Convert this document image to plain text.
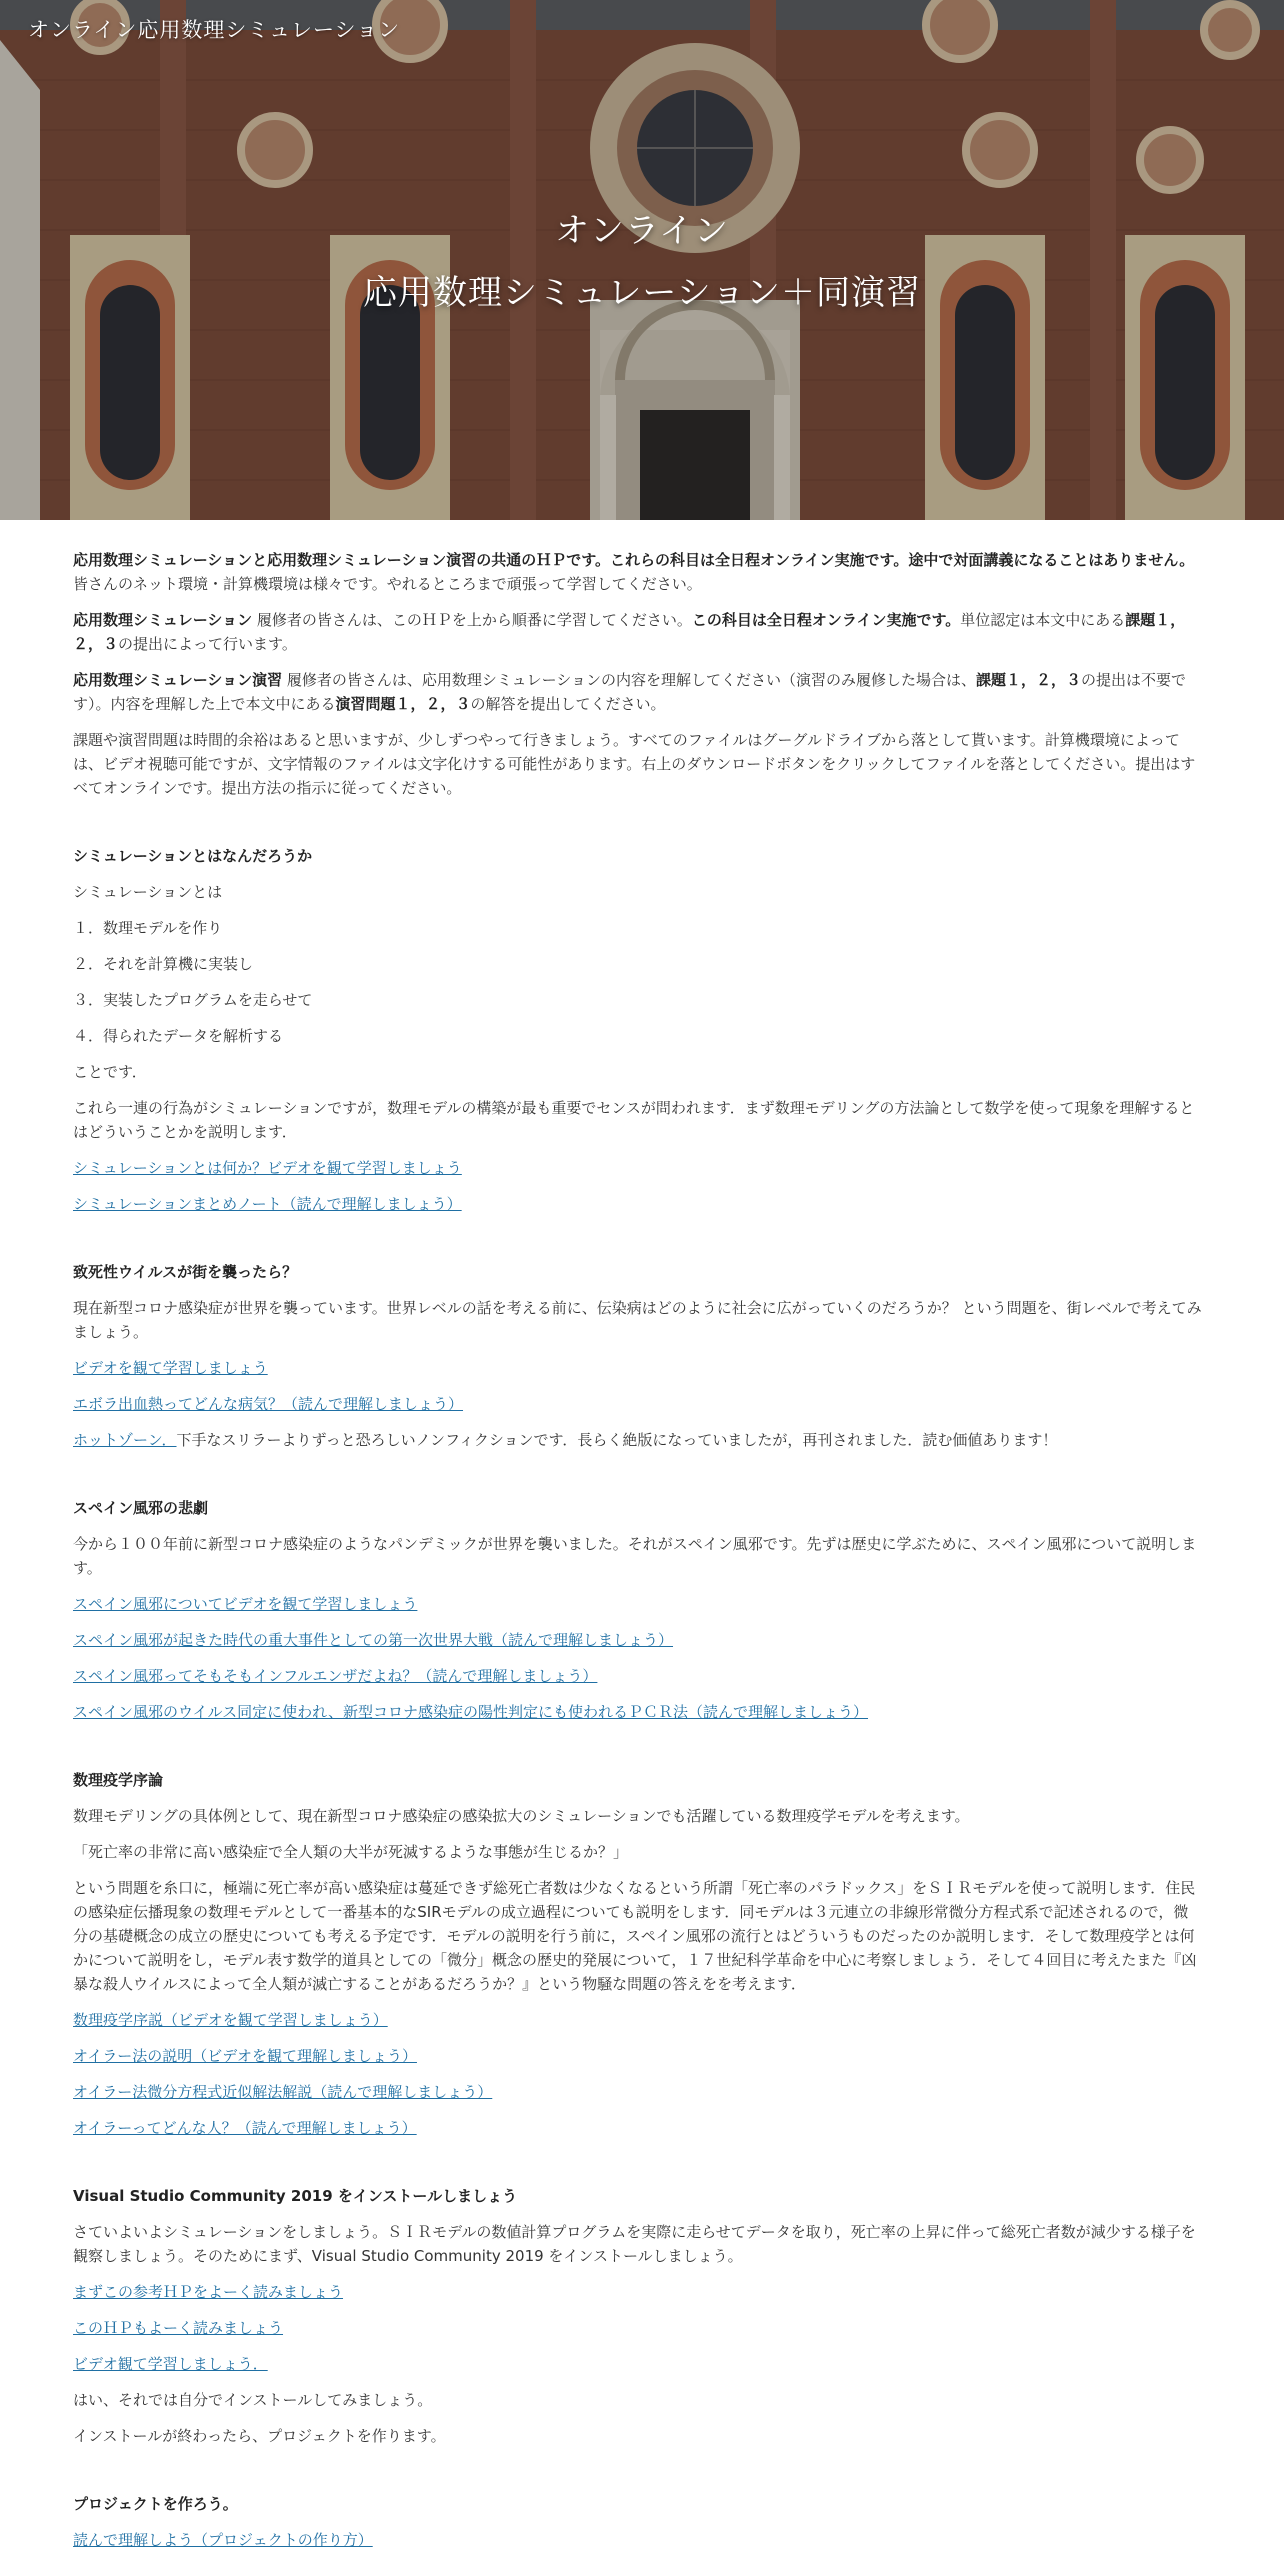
オンライン応用数理シミュレーション
オンライン
応用数理シミュレーション＋同演習

応用数理シミュレーションと応用数理シミュレーション演習の共通のＨＰです。これらの科目は全日程オンライン実施です。途中で対面講義になることはありません。
皆さんのネット環境・計算機環境は様々です。やれるところまで頑張って学習してください。

応用数理シミュレーション 履修者の皆さんは、このＨＰを上から順番に学習してください。この科目は全日程オンライン実施です。単位認定は本文中にある課題１，２，３の提出によって行います。

応用数理シミュレーション演習 履修者の皆さんは、応用数理シミュレーションの内容を理解してください（演習のみ履修した場合は、課題１，２，３の提出は不要です）。内容を理解した上で本文中にある演習問題１，２，３の解答を提出してください。

課題や演習問題は時間的余裕はあると思いますが、少しずつやって行きましょう。すべてのファイルはグーグルドライブから落として貰います。計算機環境によっては、ビデオ視聴可能ですが、文字情報のファイルは文字化けする可能性があります。右上のダウンロードボタンをクリックしてファイルを落としてください。提出はすべてオンラインです。提出方法の指示に従ってください。

シミュレーションとはなんだろうか

シミュレーションとは

１．数理モデルを作り

２．それを計算機に実装し

３．実装したプログラムを走らせて

４．得られたデータを解析する

ことです．

これら一連の行為がシミュレーションですが，数理モデルの構築が最も重要でセンスが問われます．まず数理モデリングの方法論として数学を使って現象を理解するとはどういうことかを説明します．

シミュレーションとは何か？ビデオを観て学習しましょう

シミュレーションまとめノート（読んで理解しましょう）

致死性ウイルスが街を襲ったら？

現在新型コロナ感染症が世界を襲っています。世界レベルの話を考える前に、伝染病はどのように社会に広がっていくのだろうか？ という問題を、街レベルで考えてみましょう。

ビデオを観て学習しましょう

エボラ出血熱ってどんな病気？（読んで理解しましょう）

ホットゾーン．下手なスリラーよりずっと恐ろしいノンフィクションです．長らく絶版になっていましたが，再刊されました．読む価値あります！

スペイン風邪の悲劇

今から１００年前に新型コロナ感染症のようなパンデミックが世界を襲いました。それがスペイン風邪です。先ずは歴史に学ぶために、スペイン風邪について説明します。

スペイン風邪についてビデオを観て学習しましょう

スペイン風邪が起きた時代の重大事件としての第一次世界大戦（読んで理解しましょう）

スペイン風邪ってそもそもインフルエンザだよね？（読んで理解しましょう）

スペイン風邪のウイルス同定に使われ、新型コロナ感染症の陽性判定にも使われるＰＣＲ法（読んで理解しましょう）

数理疫学序論

数理モデリングの具体例として、現在新型コロナ感染症の感染拡大のシミュレーションでも活躍している数理疫学モデルを考えます。

「死亡率の非常に高い感染症で全人類の大半が死滅するような事態が生じるか？」

という問題を糸口に，極端に死亡率が高い感染症は蔓延できず総死亡者数は少なくなるという所謂「死亡率のパラドックス」をＳＩＲモデルを使って説明します．住民の感染症伝播現象の数理モデルとして一番基本的なSIRモデルの成立過程についても説明をします．同モデルは３元連立の非線形常微分方程式系で記述されるので，微分の基礎概念の成立の歴史についても考える予定です．モデルの説明を行う前に，スペイン風邪の流行とはどういうものだったのか説明します．そして数理疫学とは何かについて説明をし，モデル表す数学的道具としての「微分」概念の歴史的発展について，１７世紀科学革命を中心に考察しましょう．そして４回目に考えたまた『凶暴な殺人ウイルスによって全人類が滅亡することがあるだろうか？』という物騒な問題の答えをを考えます．

数理疫学序説（ビデオを観て学習しましょう）

オイラー法の説明（ビデオを観て理解しましょう）

オイラー法微分方程式近似解法解説（読んで理解しましょう）

オイラーってどんな人？（読んで理解しましょう）

Visual Studio Community 2019 をインストールしましょう

さていよいよシミュレーションをしましょう。ＳＩＲモデルの数値計算プログラムを実際に走らせてデータを取り，死亡率の上昇に伴って総死亡者数が減少する様子を観察しましょう。そのためにまず、Visual Studio Community 2019 をインストールしましょう。

まずこの参考ＨＰをよーく読みましょう

このＨＰもよーく読みましょう

ビデオ観て学習しましょう．

はい、それでは自分でインストールしてみましょう。

インストールが終わったら、プロジェクトを作ります。

プロジェクトを作ろう。

読んで理解しよう（プロジェクトの作り方）
